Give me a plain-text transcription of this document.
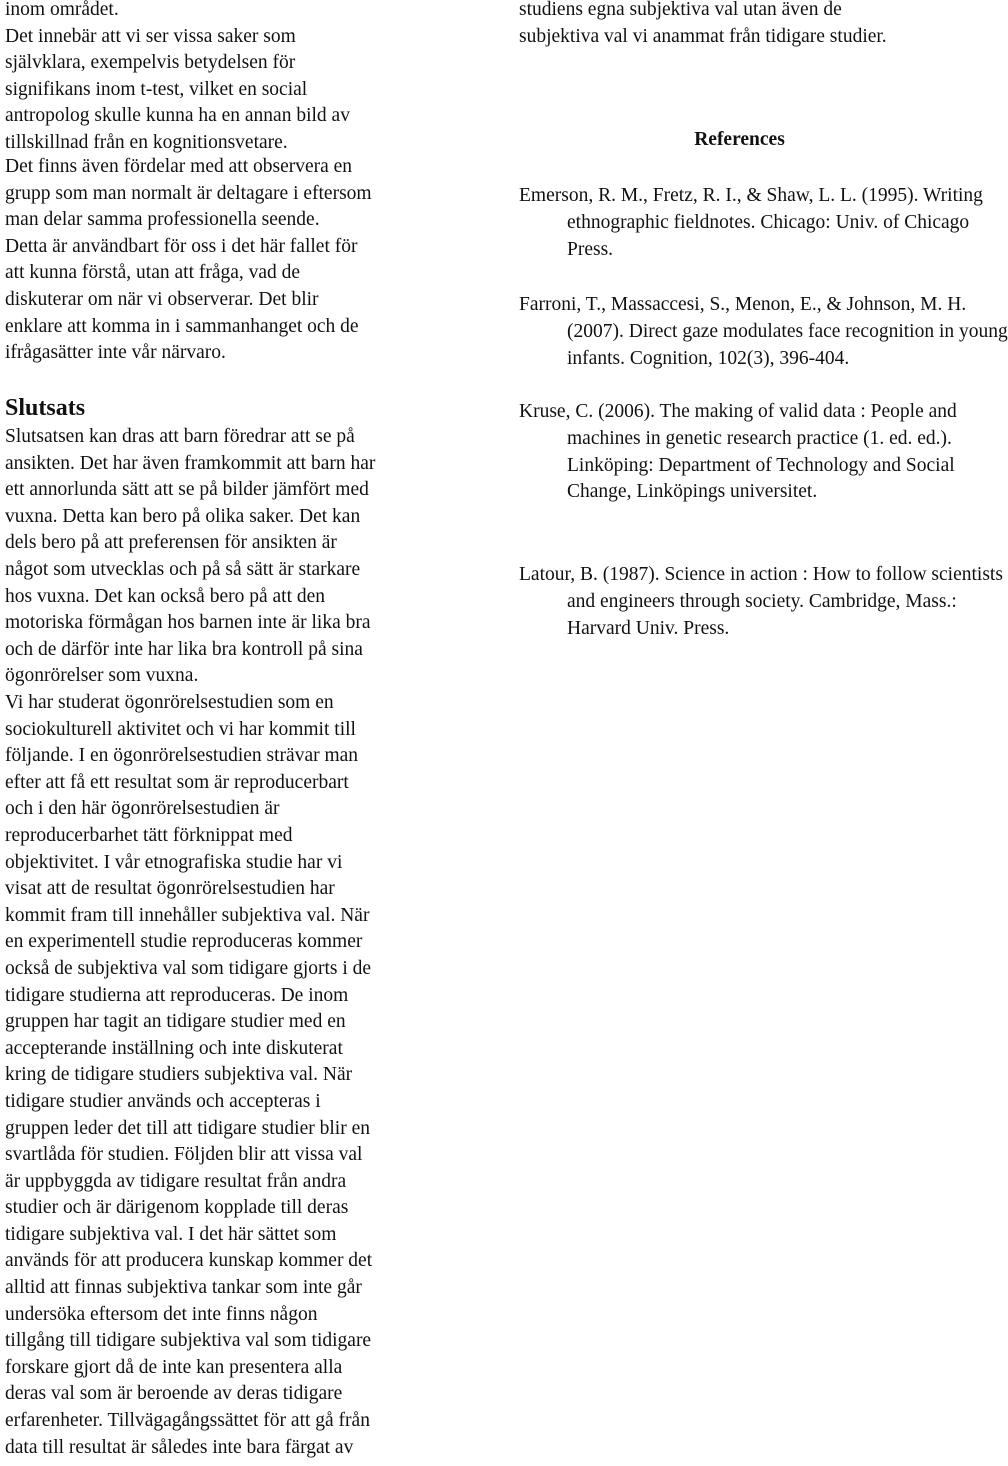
inom området.
Det innebär att vi ser vissa saker som
självklara, exempelvis betydelsen för
signifikans inom t-test, vilket en social
antropolog skulle kunna ha en annan bild av
tillskillnad från en kognitionsvetare.

Det finns även fördelar med att observera en
grupp som man normalt är deltagare i eftersom
man delar samma professionella seende.
Detta är användbart för oss i det här fallet för
att kunna förstå, utan att fråga, vad de
diskuterar om när vi observerar. Det blir
enklare att komma in i sammanhanget och de
ifrågasätter inte vår närvaro.

Slutsats

Slutsatsen kan dras att barn föredrar att se på
ansikten. Det har även framkommit att barn har
ett annorlunda sätt att se på bilder jämfört med
vuxna. Detta kan bero på olika saker. Det kan
dels bero på att preferensen för ansikten är
något som utvecklas och på så sätt är starkare
hos vuxna. Det kan också bero på att den
motoriska förmågan hos barnen inte är lika bra
och de därför inte har lika bra kontroll på sina
ögonrörelser som vuxna.

Vi har studerat ögonrörelsestudien som en
sociokulturell aktivitet och vi har kommit till
följande. I en ögonrörelsestudien strävar man
efter att få ett resultat som är reproducerbart
och i den här ögonrörelsestudien är
reproducerbarhet tätt förknippat med
objektivitet. I vår etnografiska studie har vi
visat att de resultat ögonrörelsestudien har
kommit fram till innehåller subjektiva val. När
en experimentell studie reproduceras kommer
också de subjektiva val som tidigare gjorts i de
tidigare studierna att reproduceras. De inom
gruppen har tagit an tidigare studier med en
accepterande inställning och inte diskuterat
kring de tidigare studiers subjektiva val. När
tidigare studier används och accepteras i
gruppen leder det till att tidigare studier blir en
svartlåda för studien. Följden blir att vissa val
är uppbyggda av tidigare resultat från andra
studier och är därigenom kopplade till deras
tidigare subjektiva val. I det här sättet som
används för att producera kunskap kommer det
alltid att finnas subjektiva tankar som inte går
undersöka eftersom det inte finns någon
tillgång till tidigare subjektiva val som tidigare
forskare gjort då de inte kan presentera alla
deras val som är beroende av deras tidigare
erfarenheter. Tillvägagångssättet för att gå från
data till resultat är således inte bara färgat av

studiens egna subjektiva val utan även de
subjektiva val vi anammat från tidigare studier.

References

Emerson, R. M., Fretz, R. I., & Shaw, L. L. (1995). Writing ethnographic fieldnotes. Chicago: Univ. of Chicago Press.

Farroni, T., Massaccesi, S., Menon, E., & Johnson, M. H. (2007). Direct gaze modulates face recognition in young infants. Cognition, 102(3), 396-404.

Kruse, C. (2006). The making of valid data : People and machines in genetic research practice (1. ed. ed.). Linköping: Department of Technology and Social Change, Linköpings universitet.

Latour, B. (1987). Science in action : How to follow scientists and engineers through society. Cambridge, Mass.: Harvard Univ. Press.
